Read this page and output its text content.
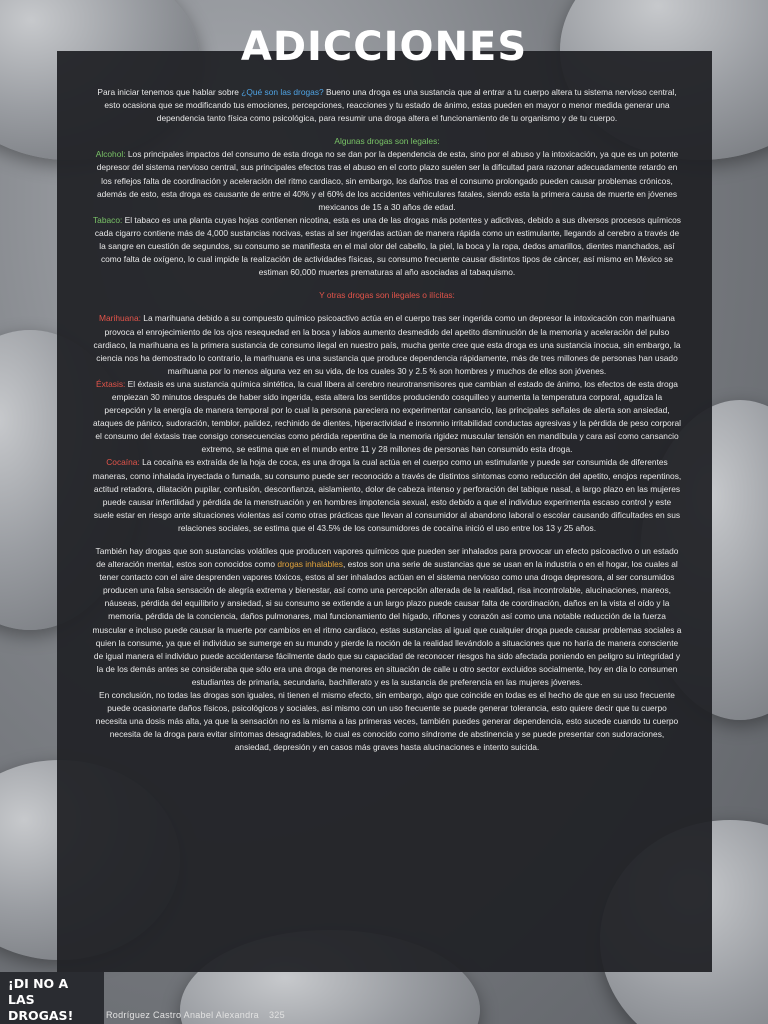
ADICCIONES

Para iniciar tenemos que hablar sobre ¿Qué son las drogas? Bueno una droga es una sustancia que al entrar a tu cuerpo altera tu sistema nervioso central, esto ocasiona que se modificando tus emociones, percepciones, reacciones y tu estado de ánimo, estas pueden en mayor o menor medida generar una dependencia tanto física como psicológica, para resumir una droga altera el funcionamiento de tu organismo y de tu cuerpo.

Algunas drogas son legales:

Alcohol: Los principales impactos del consumo de esta droga no se dan por la dependencia de esta, sino por el abuso y la intoxicación, ya que es un potente depresor del sistema nervioso central, sus principales efectos tras el abuso en el corto plazo suelen ser la dificultad para razonar adecuadamente retardo en los reflejos falta de coordinación y aceleración del ritmo cardiaco, sin embargo, los daños tras el consumo prolongado pueden causar problemas crónicos, además de esto, esta droga es causante de entre el 40% y el 60% de los accidentes vehiculares fatales, siendo esta la primera causa de muerte en jóvenes mexicanos de 15 a 30 años de edad.

Tabaco: El tabaco es una planta cuyas hojas contienen nicotina, esta es una de las drogas más potentes y adictivas, debido a sus diversos procesos químicos cada cigarro contiene más de 4,000 sustancias nocivas, estas al ser ingeridas actúan de manera rápida como un estimulante, llegando al cerebro a través de la sangre en cuestión de segundos, su consumo se manifiesta en el mal olor del cabello, la piel, la boca y la ropa, dedos amarillos, dientes manchados, así como falta de oxígeno, lo cual impide la realización de actividades físicas, su consumo frecuente causar distintos tipos de cáncer, así mismo en México se estiman 60,000 muertes prematuras al año asociadas al tabaquismo.

Y otras drogas son ilegales o ilícitas:

Marihuana: La marihuana debido a su compuesto químico psicoactivo actúa en el cuerpo tras ser ingerida como un depresor la intoxicación con marihuana provoca el enrojecimiento de los ojos resequedad en la boca y labios aumento desmedido del apetito disminución de la memoria y aceleración del pulso cardiaco, la marihuana es la primera sustancia de consumo ilegal en nuestro país, mucha gente cree que esta droga es una sustancia inocua, sin embargo, la ciencia nos ha demostrado lo contrario, la marihuana es una sustancia que produce dependencia rápidamente, más de tres millones de personas han usado marihuana por lo menos alguna vez en su vida, de los cuales 30 y 2.5 % son hombres y muchos de ellos son jóvenes.

Éxtasis: El éxtasis es una sustancia química sintética, la cual libera al cerebro neurotransmisores que cambian el estado de ánimo, los efectos de esta droga empiezan 30 minutos después de haber sido ingerida, esta altera los sentidos produciendo cosquilleo y aumenta la temperatura corporal, agudiza la percepción y la energía de manera temporal por lo cual la persona pareciera no experimentar cansancio, las principales señales de alerta son ansiedad, ataques de pánico, sudoración, temblor, palidez, rechinido de dientes, hiperactividad e insomnio irritabilidad conductas agresivas y la pérdida de peso corporal el consumo del éxtasis trae consigo consecuencias como pérdida repentina de la memoria rigidez muscular tensión en mandíbula y cara así como cansancio extremo, se estima que en el mundo entre 11 y 28 millones de personas han consumido esta droga.

Cocaína: La cocaína es extraída de la hoja de coca, es una droga la cual actúa en el cuerpo como un estimulante y puede ser consumida de diferentes maneras, como inhalada inyectada o fumada, su consumo puede ser reconocido a través de distintos síntomas como reducción del apetito, enojos repentinos, actitud retadora, dilatación pupilar, confusión, desconfianza, aislamiento, dolor de cabeza intenso y perforación del tabique nasal, a largo plazo en las mujeres puede causar infertilidad y pérdida de la menstruación y en hombres impotencia sexual, esto debido a que el individuo experimenta escaso control y este suele estar en riesgo ante situaciones violentas así como otras prácticas que llevan al consumidor al abandono laboral o escolar causando dificultades en sus relaciones sociales, se estima que el 43.5% de los consumidores de cocaína inició el uso entre los 13 y 25 años.

También hay drogas que son sustancias volátiles que producen vapores químicos que pueden ser inhalados para provocar un efecto psicoactivo o un estado de alteración mental, estos son conocidos como drogas inhalables, estos son una serie de sustancias que se usan en la industria o en el hogar, los cuales al tener contacto con el aire desprenden vapores tóxicos, estos al ser inhalados actúan en el sistema nervioso como una droga depresora, al ser consumidos producen una falsa sensación de alegría extrema y bienestar, así como una percepción alterada de la realidad, risa incontrolable, alucinaciones, mareos, náuseas, pérdida del equilibrio y ansiedad, si su consumo se extiende a un largo plazo puede causar falta de coordinación, daños en la vista el oído y la memoria, pérdida de la conciencia, daños pulmonares, mal funcionamiento del hígado, riñones y corazón así como una notable reducción de la fuerza muscular e incluso puede causar la muerte por cambios en el ritmo cardiaco, estas sustancias al igual que cualquier droga puede causar problemas sociales a quien la consume, ya que el individuo se sumerge en su mundo y pierde la noción de la realidad llevándolo a situaciones que no haría de manera consciente de igual manera el individuo puede accidentarse fácilmente dado que su capacidad de reconocer riesgos ha sido afectada poniendo en peligro su integridad y la de los demás antes se consideraba que sólo era una droga de menores en situación de calle u otro sector excluidos socialmente, hoy en día lo consumen estudiantes de primaria, secundaria, bachillerato y es la sustancia de preferencia en las mujeres jóvenes.

En conclusión, no todas las drogas son iguales, ni tienen el mismo efecto, sin embargo, algo que coincide en todas es el hecho de que en su uso frecuente puede ocasionarte daños físicos, psicológicos y sociales, así mismo con un uso frecuente se puede generar tolerancia, esto quiere decir que tu cuerpo necesita una dosis más alta, ya que la sensación no es la misma a las primeras veces, también puedes generar dependencia, esto sucede cuando tu cuerpo necesita de la droga para evitar síntomas desagradables, lo cual es conocido como síndrome de abstinencia y se puede presentar con sudoraciones, ansiedad, depresión y en casos más graves hasta alucinaciones e intento suicida.

¡DI NO A
LAS DROGAS!	Rodríguez Castro Anabel Alexandra 325
